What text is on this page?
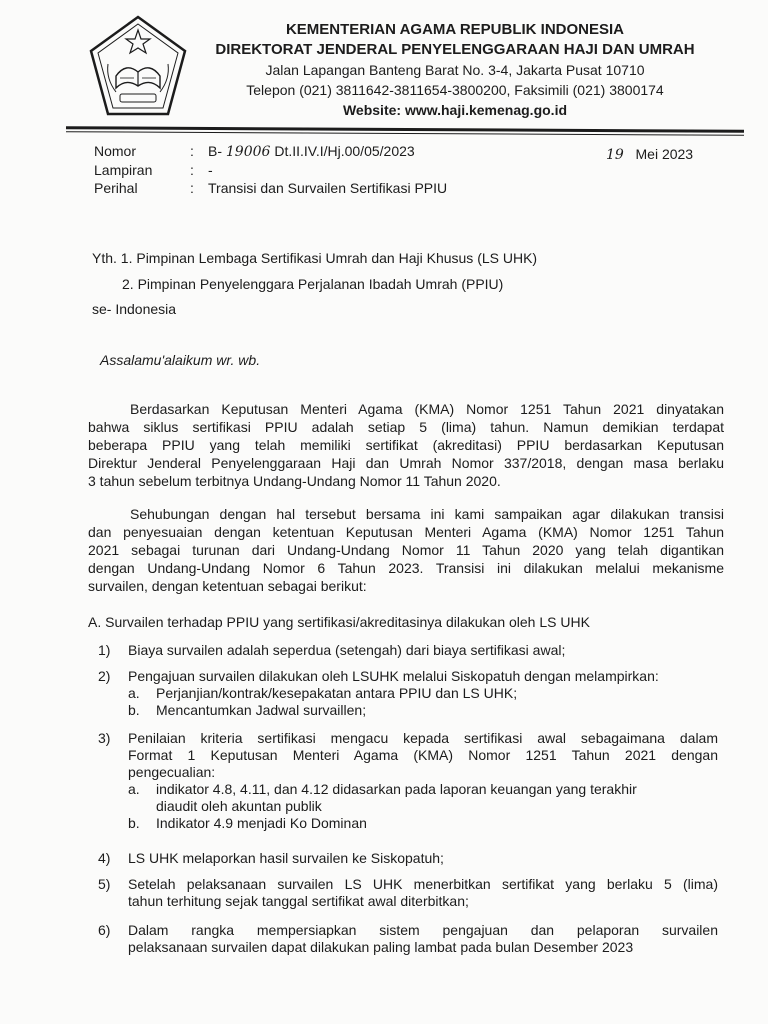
KEMENTERIAN AGAMA REPUBLIK INDONESIA
DIREKTORAT JENDERAL PENYELENGGARAAN HAJI DAN UMRAH
Jalan Lapangan Banteng Barat No. 3-4, Jakarta Pusat 10710
Telepon (021) 3811642-3811654-3800200, Faksimili (021) 3800174
Website: www.haji.kemenag.go.id
Nomor	:	B- 19006 Dt.II.IV.I/Hj.00/05/2023
Lampiran	:	-
Perihal	:	Transisi dan Survailen Sertifikasi PPIU
19 Mei 2023
Yth. 1. Pimpinan Lembaga Sertifikasi Umrah dan Haji Khusus (LS UHK)
2. Pimpinan Penyelenggara Perjalanan Ibadah Umrah (PPIU)
se- Indonesia
Assalamu'alaikum wr. wb.
Berdasarkan Keputusan Menteri Agama (KMA) Nomor 1251 Tahun 2021 dinyatakan
bahwa siklus sertifikasi PPIU adalah setiap 5 (lima) tahun. Namun demikian terdapat
beberapa PPIU yang telah memiliki sertifikat (akreditasi) PPIU berdasarkan Keputusan
Direktur Jenderal Penyelenggaraan Haji dan Umrah Nomor 337/2018, dengan masa berlaku
3 tahun sebelum terbitnya Undang-Undang Nomor 11 Tahun 2020.
Sehubungan dengan hal tersebut bersama ini kami sampaikan agar dilakukan transisi
dan penyesuaian dengan ketentuan Keputusan Menteri Agama (KMA) Nomor 1251 Tahun
2021 sebagai turunan dari Undang-Undang Nomor 11 Tahun 2020 yang telah digantikan
dengan Undang-Undang Nomor 6 Tahun 2023. Transisi ini dilakukan melalui mekanisme
survailen, dengan ketentuan sebagai berikut:
A. Survailen terhadap PPIU yang sertifikasi/akreditasinya dilakukan oleh LS UHK
1) Biaya survailen adalah seperdua (setengah) dari biaya sertifikasi awal;
2) Pengajuan survailen dilakukan oleh LSUHK melalui Siskopatuh dengan melampirkan:
a.	Perjanjian/kontrak/kesepakatan antara PPIU dan LS UHK;
b.	Mencantumkan Jadwal survaillen;
3) Penilaian kriteria sertifikasi mengacu kepada sertifikasi awal sebagaimana dalam
Format 1 Keputusan Menteri Agama (KMA) Nomor 1251 Tahun 2021 dengan
pengecualian:
a.	indikator 4.8, 4.11, dan 4.12 didasarkan pada laporan keuangan yang terakhir
diaudit oleh akuntan publik
b.	Indikator 4.9 menjadi Ko Dominan
4) LS UHK melaporkan hasil survailen ke Siskopatuh;
5) Setelah pelaksanaan survailen LS UHK menerbitkan sertifikat yang berlaku 5 (lima)
tahun terhitung sejak tanggal sertifikat awal diterbitkan;
6) Dalam rangka mempersiapkan sistem pengajuan dan pelaporan survailen
pelaksanaan survailen dapat dilakukan paling lambat pada bulan Desember 2023
